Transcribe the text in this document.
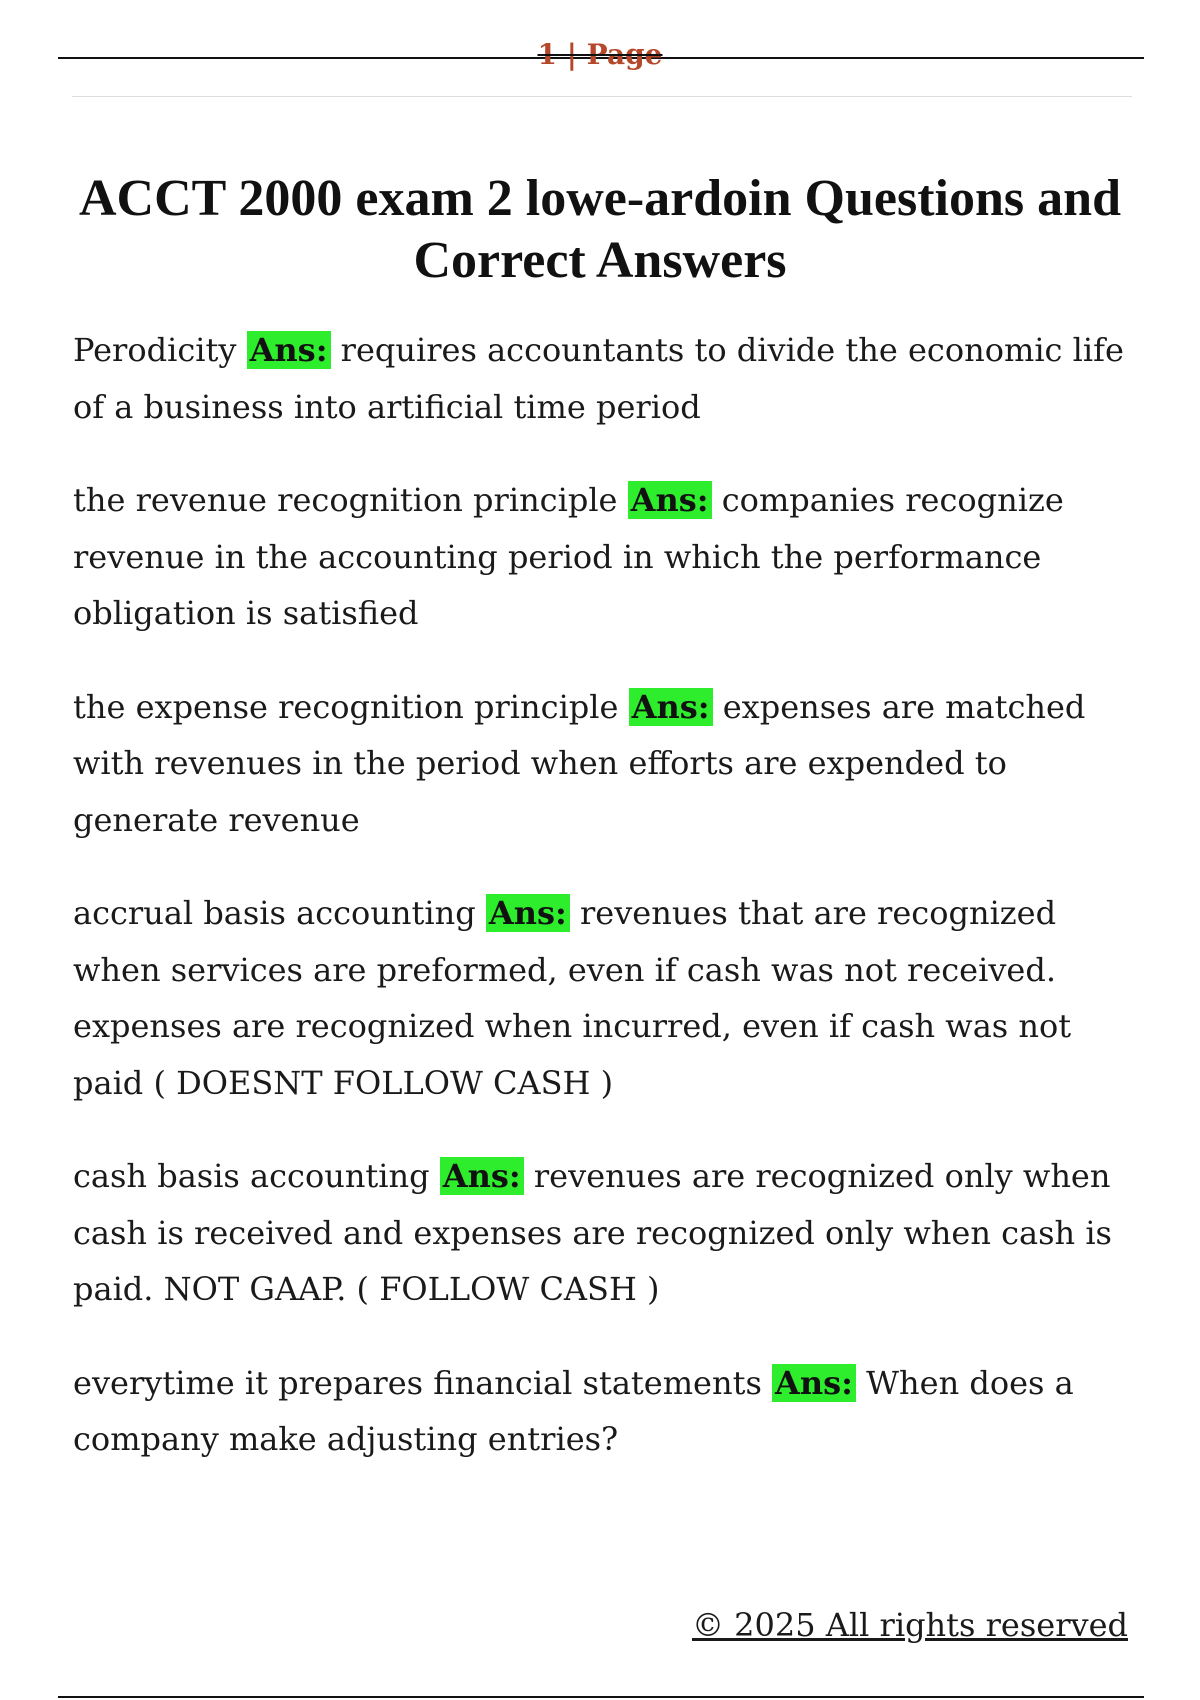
1 | Page
ACCT 2000 exam 2 lowe-ardoin Questions and Correct Answers

Perodicity Ans: requires accountants to divide the economic life of a business into artificial time period

the revenue recognition principle Ans: companies recognize revenue in the accounting period in which the performance obligation is satisfied

the expense recognition principle Ans: expenses are matched with revenues in the period when efforts are expended to generate revenue

accrual basis accounting Ans: revenues that are recognized when services are preformed, even if cash was not received. expenses are recognized when incurred, even if cash was not paid ( DOESNT FOLLOW CASH )

cash basis accounting Ans: revenues are recognized only when cash is received and expenses are recognized only when cash is paid. NOT GAAP. ( FOLLOW CASH )

everytime it prepares financial statements Ans: When does a company make adjusting entries?

© 2025 All rights reserved
